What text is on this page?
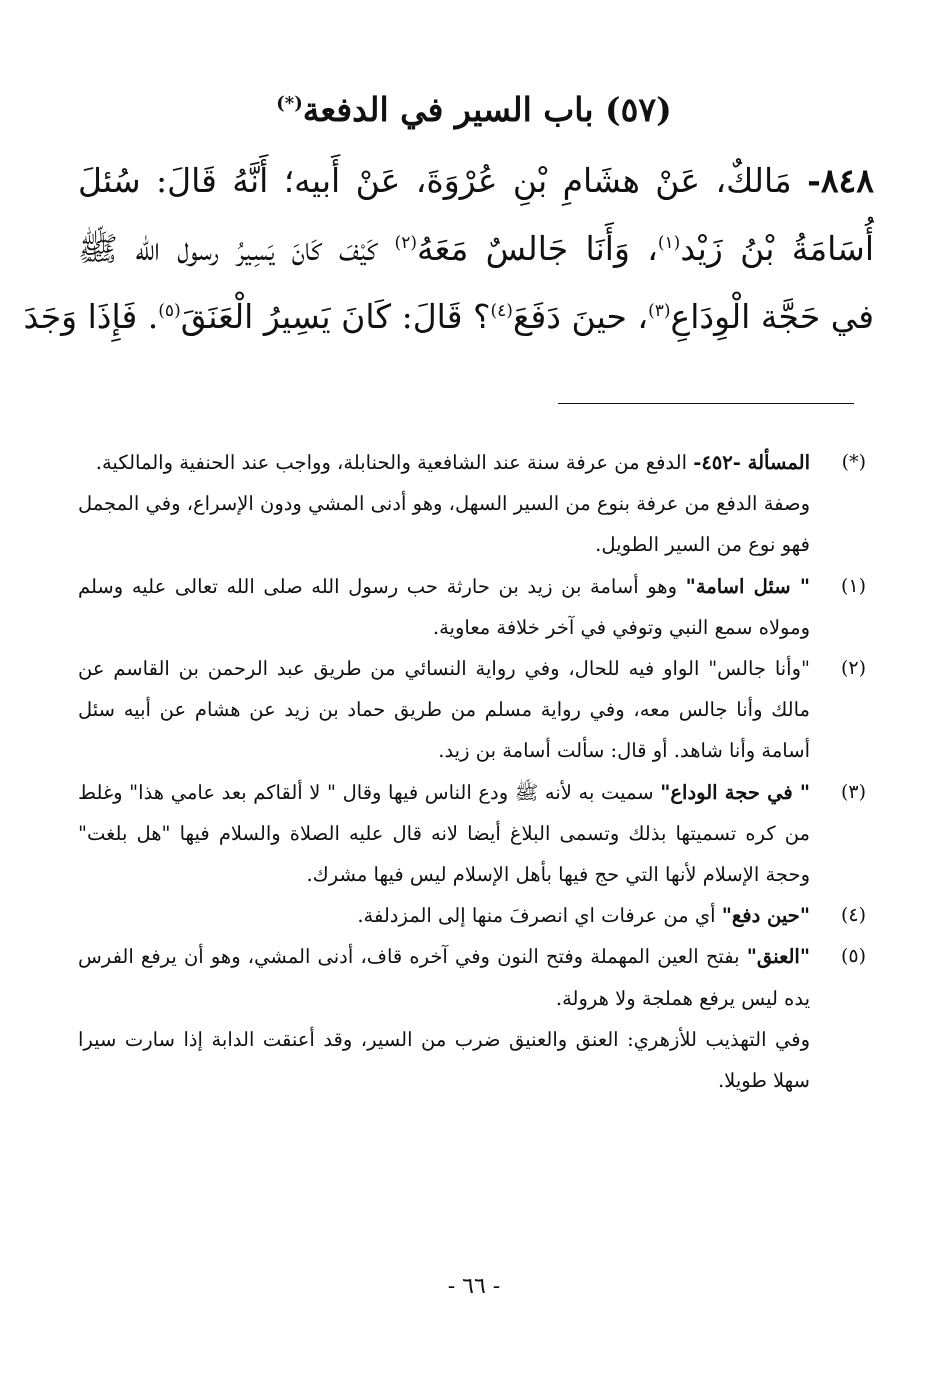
(٥٧) باب السير في الدفعة(*)
٨٤٨- مَالكٌ، عَنْ هشَامِ بْنِ عُرْوَةَ، عَنْ أَبيه؛ أَنَّهُ قَالَ: سُئلَ
أُسَامَةُ بْنُ زَيْد$^{(١)}$، وَأَنَا جَالسٌ مَعَهُ$^{(٢)}$ كَيْفَ كَانَ يَسِيرُ رسول الله ﷺ
في حَجَّة الْوِدَاعِ$^{(٣)}$، حينَ دَفَعَ$^{(٤)}$؟ قَالَ: كَانَ يَسِيرُ الْعَنَقَ$^{(٥)}$. فَإِذَا وَجَدَ
(*)
المسألة -٤٥٢- الدفع من عرفة سنة عند الشافعية والحنابلة، وواجب عند الحنفية والمالكية.
وصفة الدفع من عرفة بنوع من السير السهل، وهو أدنى المشي ودون الإسراع، وفي المجمل فهو نوع من السير الطويل.
(١)
" سئل اسامة" وهو أسامة بن زيد بن حارثة حب رسول الله صلى الله تعالى عليه وسلم ومولاه سمع النبي وتوفي في آخر خلافة معاوية.
(٢)
"وأنا جالس" الواو فيه للحال، وفي رواية النسائي من طريق عبد الرحمن بن القاسم عن مالك وأنا جالس معه، وفي رواية مسلم من طريق حماد بن زيد عن هشام عن أبيه سئل أسامة وأنا شاهد. أو قال: سألت أسامة بن زيد.
(٣)
" في حجة الوداع" سميت به لأنه ﷺ ودع الناس فيها وقال " لا ألقاكم بعد عامي هذا" وغلط من كره تسميتها بذلك وتسمى البلاغ أيضا لانه قال عليه الصلاة والسلام فيها "هل بلغت" وحجة الإسلام لأنها التي حج فيها بأهل الإسلام ليس فيها مشرك.
(٤)
"حين دفع" أي من عرفات اي انصرفَ منها إلى المزدلفة.
(٥)
"العنق" بفتح العين المهملة وفتح النون وفي آخره قاف، أدنى المشي، وهو أن يرفع الفرس يده ليس يرفع هملجة ولا هرولة.
وفي التهذيب للأزهري: العنق والعنيق ضرب من السير، وقد أعنقت الدابة إذا سارت سيرا سهلا طويلا.
- ٦٦ -
